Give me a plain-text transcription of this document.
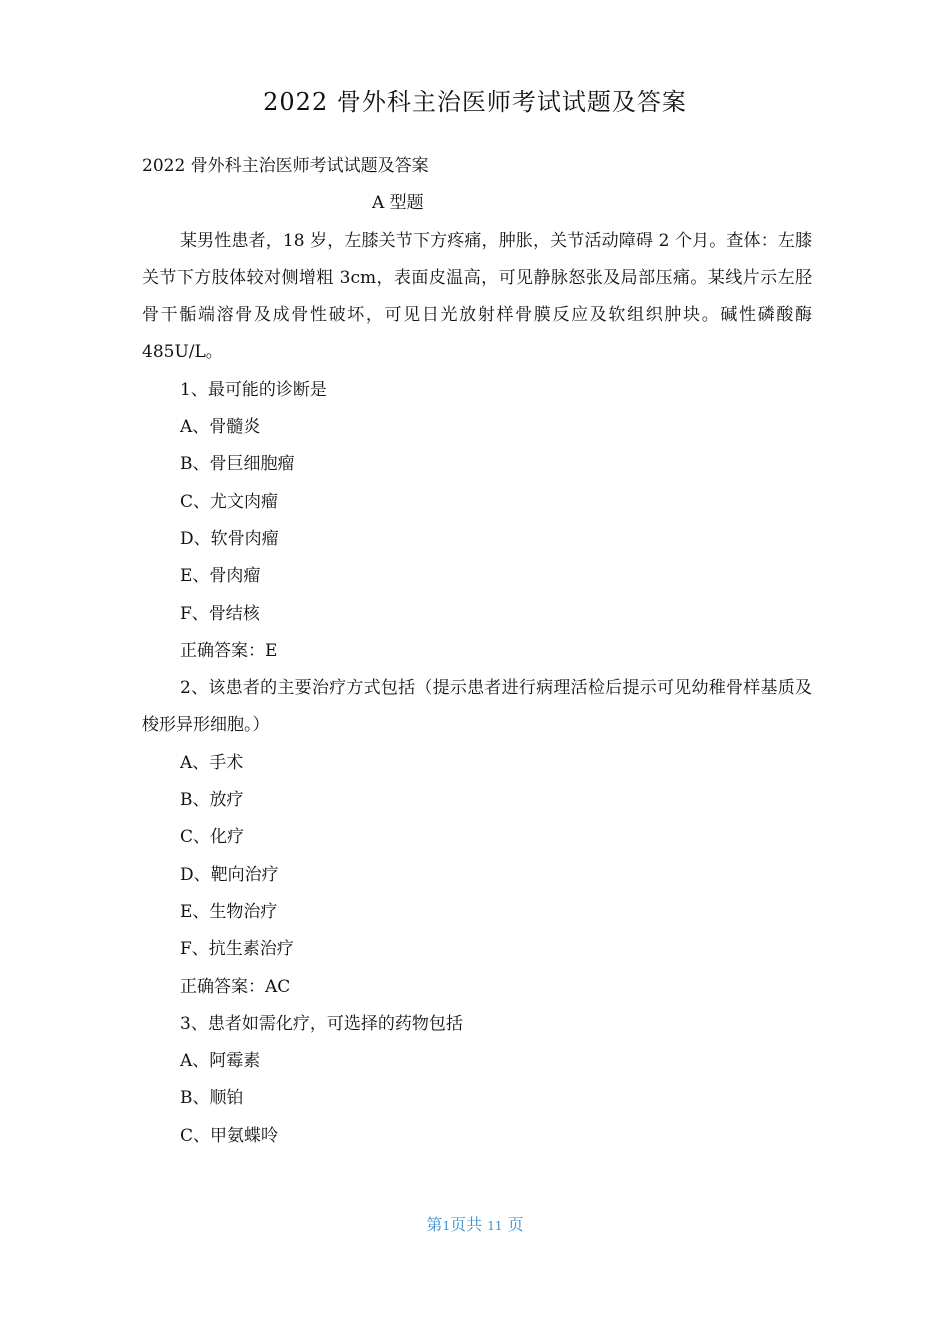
2022 骨外科主治医师考试试题及答案
2022 骨外科主治医师考试试题及答案
A 型题
某男性患者，18 岁，左膝关节下方疼痛，肿胀，关节活动障碍 2 个月。查体：左膝关节下方肢体较对侧增粗 3cm，表面皮温高，可见静脉怒张及局部压痛。某线片示左胫骨干骺端溶骨及成骨性破坏，可见日光放射样骨膜反应及软组织肿块。碱性磷酸酶 485U/L。
1、最可能的诊断是
A、骨髓炎
B、骨巨细胞瘤
C、尤文肉瘤
D、软骨肉瘤
E、骨肉瘤
F、骨结核
正确答案：E
2、该患者的主要治疗方式包括（提示患者进行病理活检后提示可见幼稚骨样基质及梭形异形细胞。）
A、手术
B、放疗
C、化疗
D、靶向治疗
E、生物治疗
F、抗生素治疗
正确答案：AC
3、患者如需化疗，可选择的药物包括
A、阿霉素
B、顺铂
C、甲氨蝶呤
第1页共 11 页
